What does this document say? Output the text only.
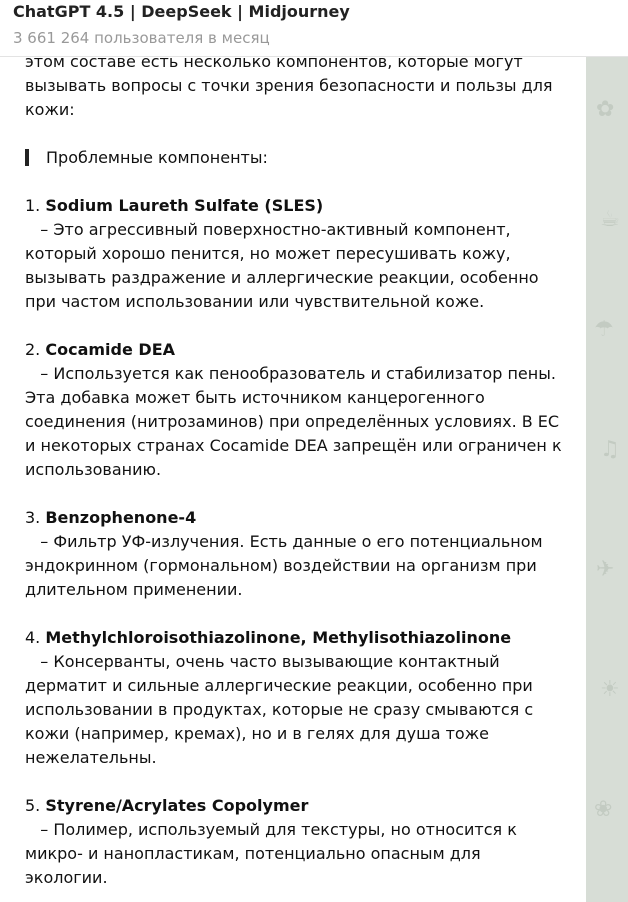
ChatGPT 4.5 | DeepSeek | Midjourney
3 661 264 пользователя в месяц
✿
☕
☂
♫
✈
☀
❀
этом составе есть несколько компонентов, которые могут
вызывать вопросы с точки зрения безопасности и пользы для
кожи:
Проблемные компоненты:
1. Sodium Laureth Sulfate (SLES)
– Это агрессивный поверхностно-активный компонент,
который хорошо пенится, но может пересушивать кожу,
вызывать раздражение и аллергические реакции, особенно
при частом использовании или чувствительной коже.
2. Cocamide DEA
– Используется как пенообразователь и стабилизатор пены.
Эта добавка может быть источником канцерогенного
соединения (нитрозаминов) при определённых условиях. В ЕС
и некоторых странах Cocamide DEA запрещён или ограничен к
использованию.
3. Benzophenone-4
– Фильтр УФ-излучения. Есть данные о его потенциальном
эндокринном (гормональном) воздействии на организм при
длительном применении.
4. Methylchloroisothiazolinone, Methylisothiazolinone
– Консерванты, очень часто вызывающие контактный
дерматит и сильные аллергические реакции, особенно при
использовании в продуктах, которые не сразу смываются с
кожи (например, кремах), но и в гелях для душа тоже
нежелательны.
5. Styrene/Acrylates Copolymer
– Полимер, используемый для текстуры, но относится к
микро- и нанопластикам, потенциально опасным для
экологии.
